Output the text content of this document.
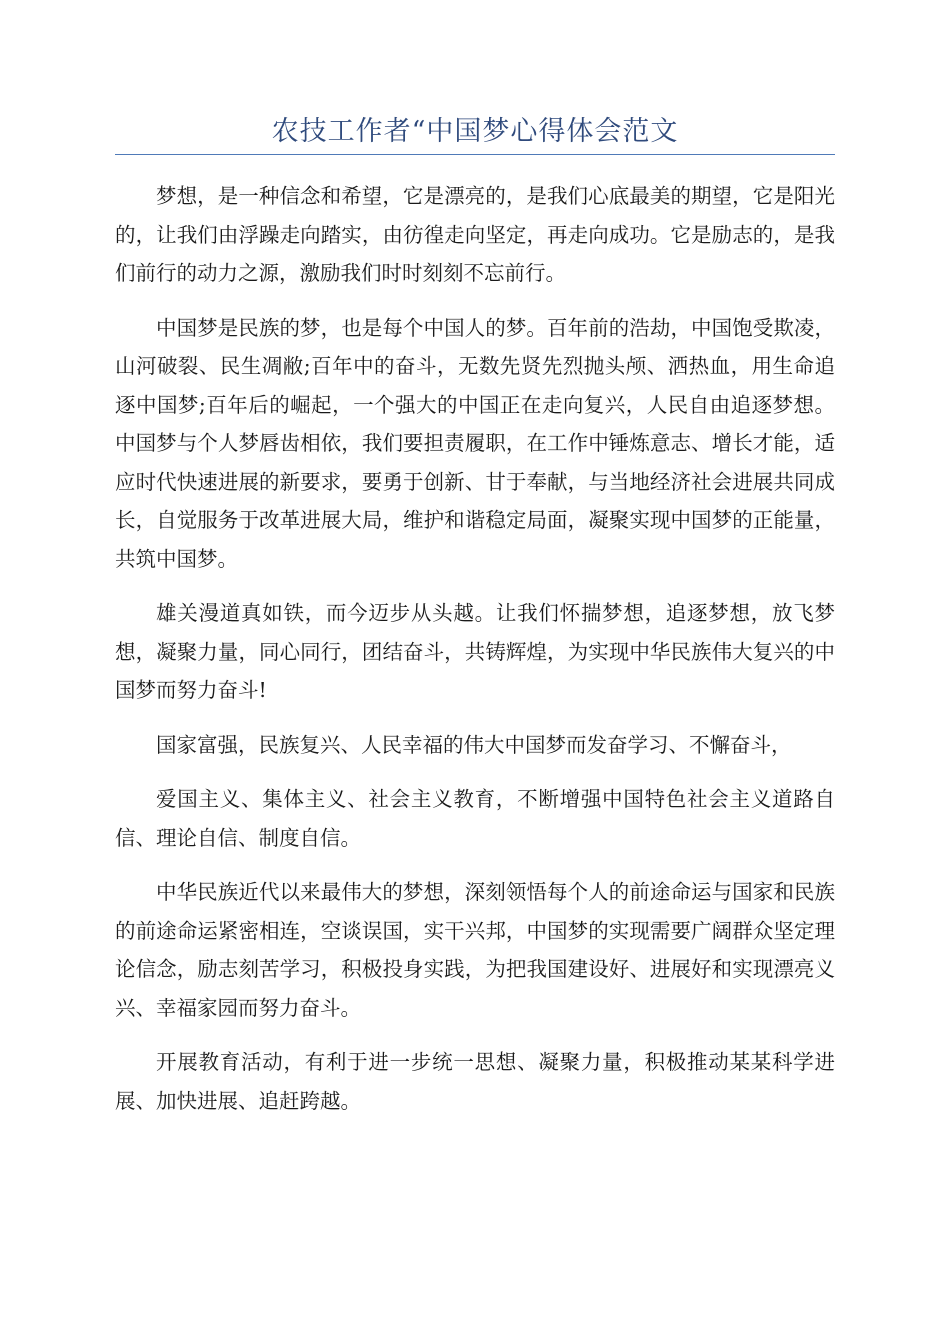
农技工作者“中国梦心得体会范文

梦想，是一种信念和希望，它是漂亮的，是我们心底最美的期望，它是阳光的，让我们由浮躁走向踏实，由彷徨走向坚定，再走向成功。它是励志的，是我们前行的动力之源，激励我们时时刻刻不忘前行。

中国梦是民族的梦，也是每个中国人的梦。百年前的浩劫，中国饱受欺凌，山河破裂、民生凋敝;百年中的奋斗，无数先贤先烈抛头颅、洒热血，用生命追逐中国梦;百年后的崛起，一个强大的中国正在走向复兴，人民自由追逐梦想。中国梦与个人梦唇齿相依，我们要担责履职，在工作中锤炼意志、增长才能，适应时代快速进展的新要求，要勇于创新、甘于奉献，与当地经济社会进展共同成长，自觉服务于改革进展大局，维护和谐稳定局面，凝聚实现中国梦的正能量，共筑中国梦。

雄关漫道真如铁，而今迈步从头越。让我们怀揣梦想，追逐梦想，放飞梦想，凝聚力量，同心同行，团结奋斗，共铸辉煌，为实现中华民族伟大复兴的中国梦而努力奋斗!

国家富强，民族复兴、人民幸福的伟大中国梦而发奋学习、不懈奋斗，

爱国主义、集体主义、社会主义教育，不断增强中国特色社会主义道路自信、理论自信、制度自信。

中华民族近代以来最伟大的梦想，深刻领悟每个人的前途命运与国家和民族的前途命运紧密相连，空谈误国，实干兴邦，中国梦的实现需要广阔群众坚定理论信念，励志刻苦学习，积极投身实践，为把我国建设好、进展好和实现漂亮义兴、幸福家园而努力奋斗。

开展教育活动，有利于进一步统一思想、凝聚力量，积极推动某某科学进展、加快进展、追赶跨越。
